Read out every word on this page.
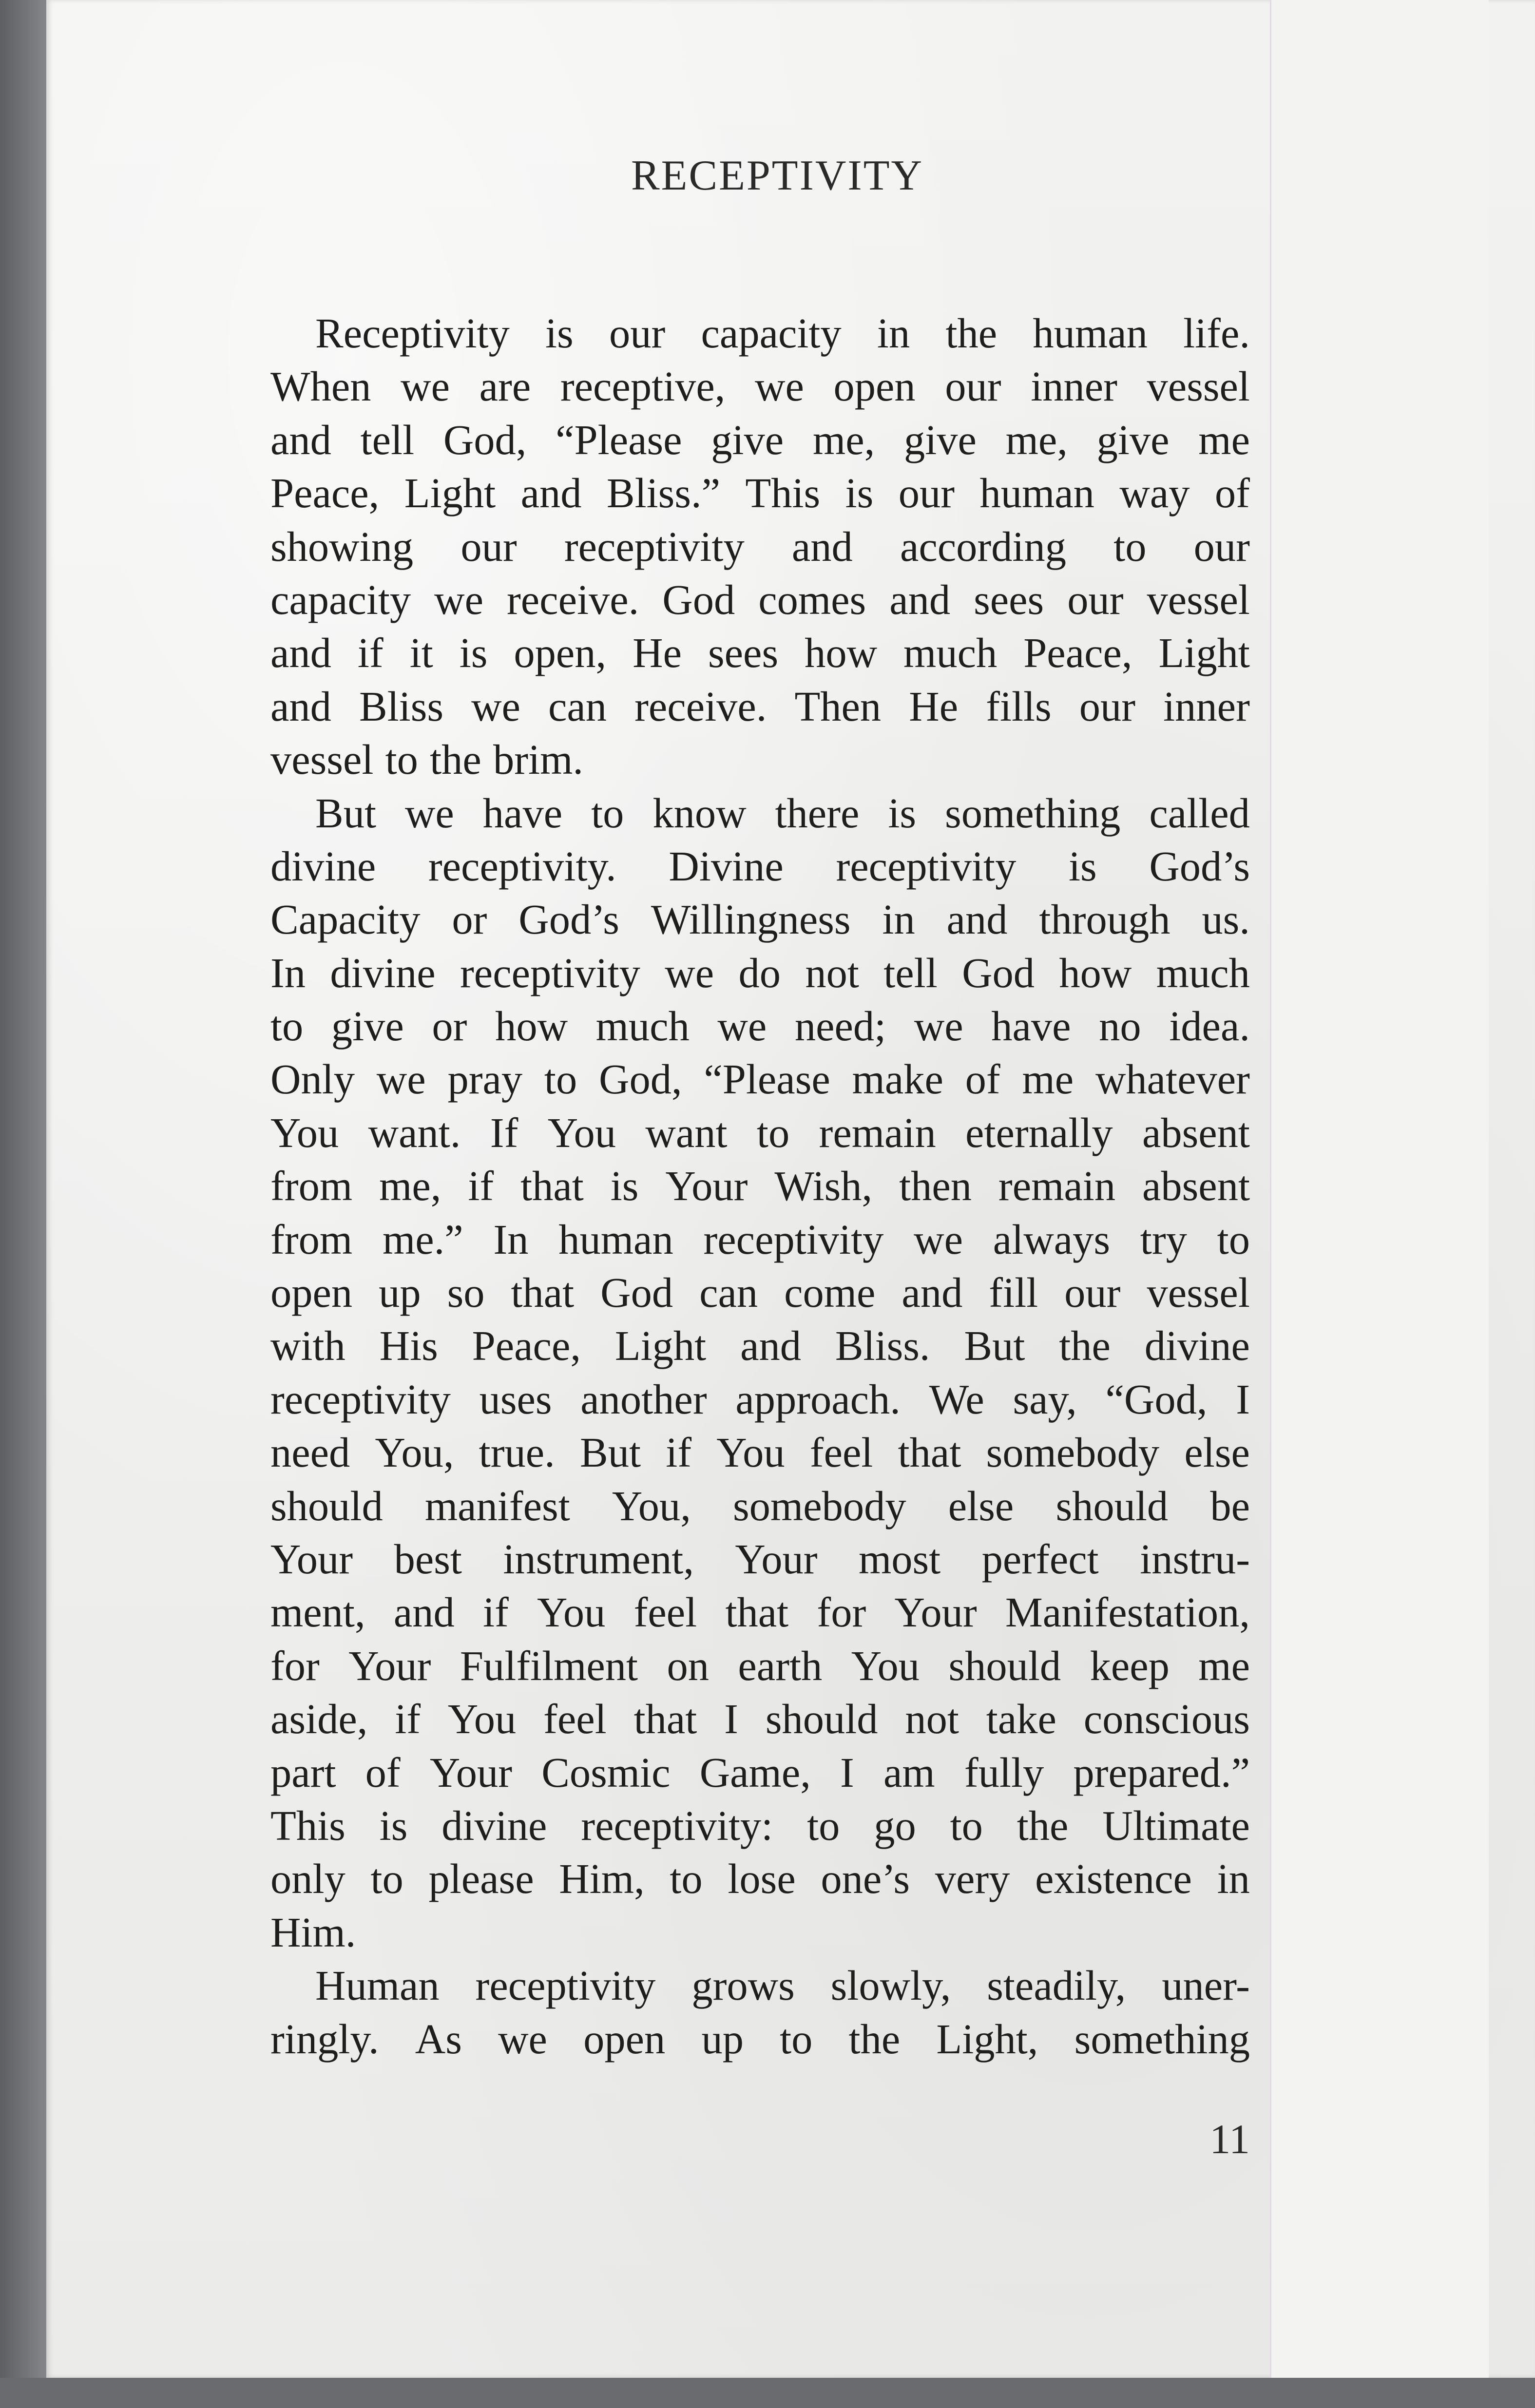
RECEPTIVITY
Receptivity is our capacity in the human life.
When we are receptive, we open our inner vessel
and tell God, “Please give me, give me, give me
Peace, Light and Bliss.” This is our human way of
showing our receptivity and according to our
capacity we receive. God comes and sees our vessel
and if it is open, He sees how much Peace, Light
and Bliss we can receive. Then He fills our inner
vessel to the brim.
But we have to know there is something called
divine receptivity. Divine receptivity is God’s
Capacity or God’s Willingness in and through us.
In divine receptivity we do not tell God how much
to give or how much we need; we have no idea.
Only we pray to God, “Please make of me whatever
You want. If You want to remain eternally absent
from me, if that is Your Wish, then remain absent
from me.” In human receptivity we always try to
open up so that God can come and fill our vessel
with His Peace, Light and Bliss. But the divine
receptivity uses another approach. We say, “God, I
need You, true. But if You feel that somebody else
should manifest You, somebody else should be
Your best instrument, Your most perfect instru-
ment, and if You feel that for Your Manifestation,
for Your Fulfilment on earth You should keep me
aside, if You feel that I should not take conscious
part of Your Cosmic Game, I am fully prepared.”
This is divine receptivity: to go to the Ultimate
only to please Him, to lose one’s very existence in
Him.
Human receptivity grows slowly, steadily, uner-
ringly. As we open up to the Light, something
11
